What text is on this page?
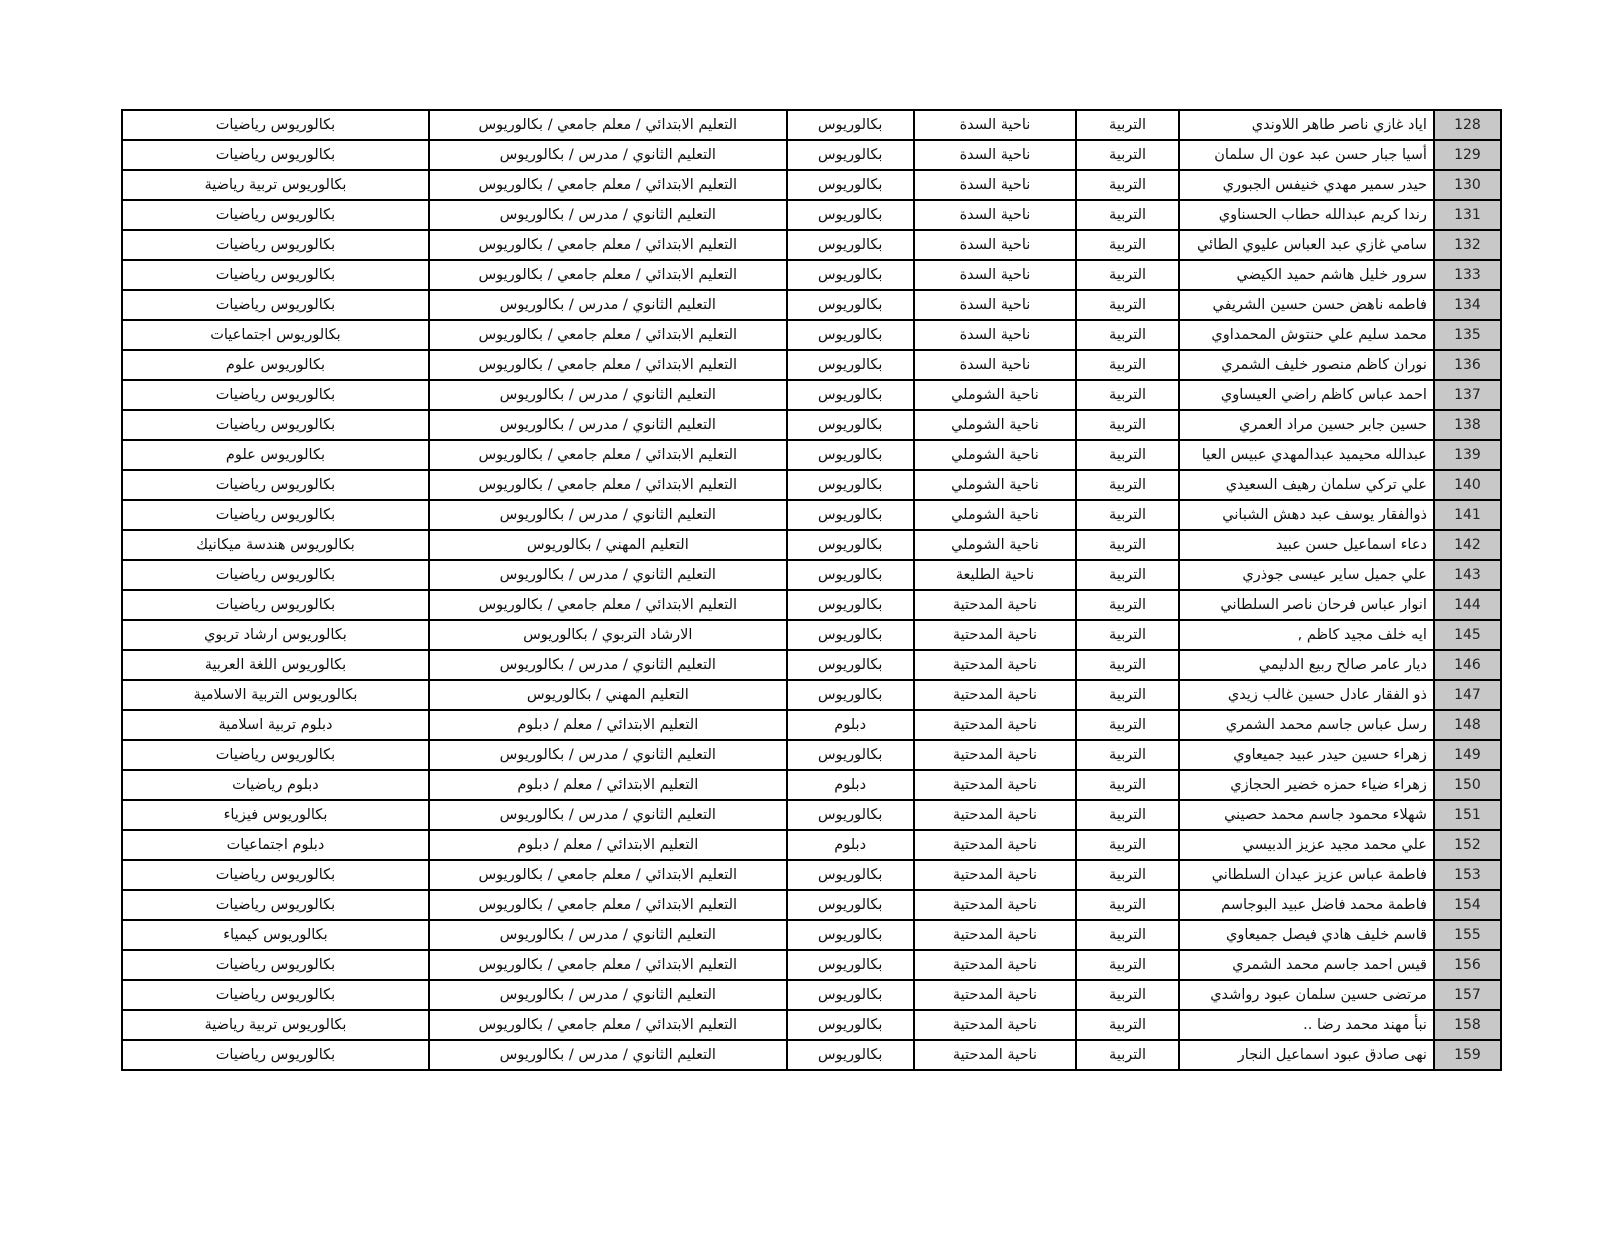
128	اياد غازي ناصر طاهر اللاوندي	التربية	ناحية السدة	بكالوريوس	التعليم الابتدائي / معلم جامعي / بكالوريوس	بكالوريوس رياضيات
129	أسيا جبار حسن عبد عون ال سلمان	التربية	ناحية السدة	بكالوريوس	التعليم الثانوي / مدرس / بكالوريوس	بكالوريوس رياضيات
130	حيدر سمير مهدي خنيفس الجبوري	التربية	ناحية السدة	بكالوريوس	التعليم الابتدائي / معلم جامعي / بكالوريوس	بكالوريوس تربية رياضية
131	رندا كريم عبدالله حطاب الحسناوي	التربية	ناحية السدة	بكالوريوس	التعليم الثانوي / مدرس / بكالوريوس	بكالوريوس رياضيات
132	سامي غازي عبد العباس عليوي الطائي	التربية	ناحية السدة	بكالوريوس	التعليم الابتدائي / معلم جامعي / بكالوريوس	بكالوريوس رياضيات
133	سرور خليل هاشم حميد الكيضي	التربية	ناحية السدة	بكالوريوس	التعليم الابتدائي / معلم جامعي / بكالوريوس	بكالوريوس رياضيات
134	فاطمه ناهض حسن حسين الشريفي	التربية	ناحية السدة	بكالوريوس	التعليم الثانوي / مدرس / بكالوريوس	بكالوريوس رياضيات
135	محمد سليم علي حنتوش المحمداوي	التربية	ناحية السدة	بكالوريوس	التعليم الابتدائي / معلم جامعي / بكالوريوس	بكالوريوس اجتماعيات
136	نوران كاظم منصور خليف الشمري	التربية	ناحية السدة	بكالوريوس	التعليم الابتدائي / معلم جامعي / بكالوريوس	بكالوريوس علوم
137	احمد عباس كاظم راضي العيساوي	التربية	ناحية الشوملي	بكالوريوس	التعليم الثانوي / مدرس / بكالوريوس	بكالوريوس رياضيات
138	حسين جابر حسين مراد العمري	التربية	ناحية الشوملي	بكالوريوس	التعليم الثانوي / مدرس / بكالوريوس	بكالوريوس رياضيات
139	عبدالله محيميد عبدالمهدي عبيس العيا	التربية	ناحية الشوملي	بكالوريوس	التعليم الابتدائي / معلم جامعي / بكالوريوس	بكالوريوس علوم
140	علي تركي سلمان رهيف السعيدي	التربية	ناحية الشوملي	بكالوريوس	التعليم الابتدائي / معلم جامعي / بكالوريوس	بكالوريوس رياضيات
141	ذوالفقار يوسف عبد دهش الشباني	التربية	ناحية الشوملي	بكالوريوس	التعليم الثانوي / مدرس / بكالوريوس	بكالوريوس رياضيات
142	دعاء اسماعيل حسن عبيد	التربية	ناحية الشوملي	بكالوريوس	التعليم المهني / بكالوريوس	بكالوريوس هندسة ميكانيك
143	علي جميل ساير عيسى جوذري	التربية	ناحية الطليعة	بكالوريوس	التعليم الثانوي / مدرس / بكالوريوس	بكالوريوس رياضيات
144	انوار عباس فرحان ناصر السلطاني	التربية	ناحية المدحتية	بكالوريوس	التعليم الابتدائي / معلم جامعي / بكالوريوس	بكالوريوس رياضيات
145	ايه خلف مجيد كاظم ,	التربية	ناحية المدحتية	بكالوريوس	الارشاد التربوي / بكالوريوس	بكالوريوس ارشاد تربوي
146	ديار عامر صالح ربيع الدليمي	التربية	ناحية المدحتية	بكالوريوس	التعليم الثانوي / مدرس / بكالوريوس	بكالوريوس اللغة العربية
147	ذو الفقار عادل حسين غالب زيدي	التربية	ناحية المدحتية	بكالوريوس	التعليم المهني / بكالوريوس	بكالوريوس التربية الاسلامية
148	رسل عباس جاسم محمد الشمري	التربية	ناحية المدحتية	دبلوم	التعليم الابتدائي / معلم / دبلوم	دبلوم تربية اسلامية
149	زهراء حسين حيدر عبيد جميعاوي	التربية	ناحية المدحتية	بكالوريوس	التعليم الثانوي / مدرس / بكالوريوس	بكالوريوس رياضيات
150	زهراء ضياء حمزه خضير الحجازي	التربية	ناحية المدحتية	دبلوم	التعليم الابتدائي / معلم / دبلوم	دبلوم رياضيات
151	شهلاء محمود جاسم محمد حصيني	التربية	ناحية المدحتية	بكالوريوس	التعليم الثانوي / مدرس / بكالوريوس	بكالوريوس فيزياء
152	علي محمد مجيد عزيز الدبيسي	التربية	ناحية المدحتية	دبلوم	التعليم الابتدائي / معلم / دبلوم	دبلوم اجتماعيات
153	فاطمة عباس عزيز عيدان السلطاني	التربية	ناحية المدحتية	بكالوريوس	التعليم الابتدائي / معلم جامعي / بكالوريوس	بكالوريوس رياضيات
154	فاطمة محمد فاضل عبيد البوجاسم	التربية	ناحية المدحتية	بكالوريوس	التعليم الابتدائي / معلم جامعي / بكالوريوس	بكالوريوس رياضيات
155	قاسم خليف هادي فيصل جميعاوي	التربية	ناحية المدحتية	بكالوريوس	التعليم الثانوي / مدرس / بكالوريوس	بكالوريوس كيمياء
156	قيس احمد جاسم محمد الشمري	التربية	ناحية المدحتية	بكالوريوس	التعليم الابتدائي / معلم جامعي / بكالوريوس	بكالوريوس رياضيات
157	مرتضى حسين سلمان عبود رواشدي	التربية	ناحية المدحتية	بكالوريوس	التعليم الثانوي / مدرس / بكالوريوس	بكالوريوس رياضيات
158	نبأ مهند محمد رضا ..	التربية	ناحية المدحتية	بكالوريوس	التعليم الابتدائي / معلم جامعي / بكالوريوس	بكالوريوس تربية رياضية
159	نهى صادق عبود اسماعيل النجار	التربية	ناحية المدحتية	بكالوريوس	التعليم الثانوي / مدرس / بكالوريوس	بكالوريوس رياضيات
